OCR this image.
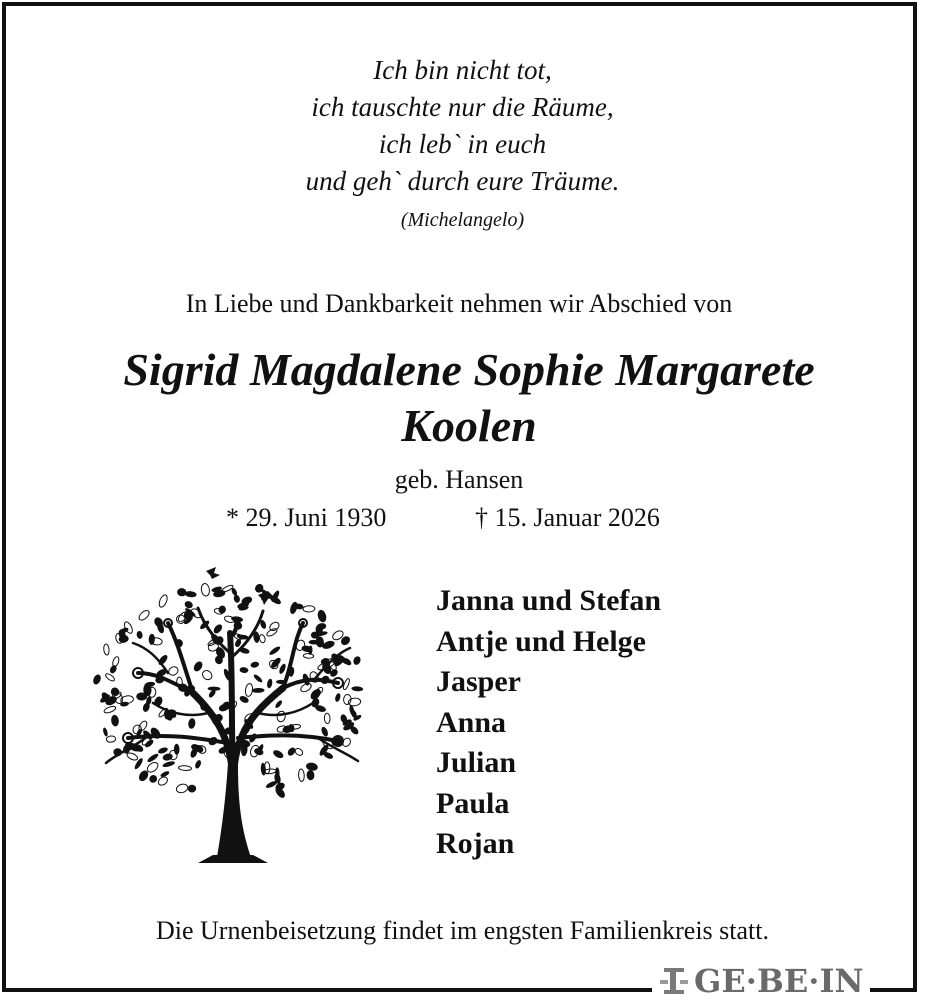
Ich bin nicht tot,
ich tauschte nur die Räume,
ich leb` in euch
und geh` durch eure Träume.
(Michelangelo)
In Liebe und Dankbarkeit nehmen wir Abschied von
Sigrid Magdalene Sophie Margarete
Koolen
geb. Hansen
* 29. Juni 1930	† 15. Januar 2026
Janna und Stefan
Antje und Helge
Jasper
Anna
Julian
Paula
Rojan
Die Urnenbeisetzung findet im engsten Familienkreis statt.
GE·BE·IN
